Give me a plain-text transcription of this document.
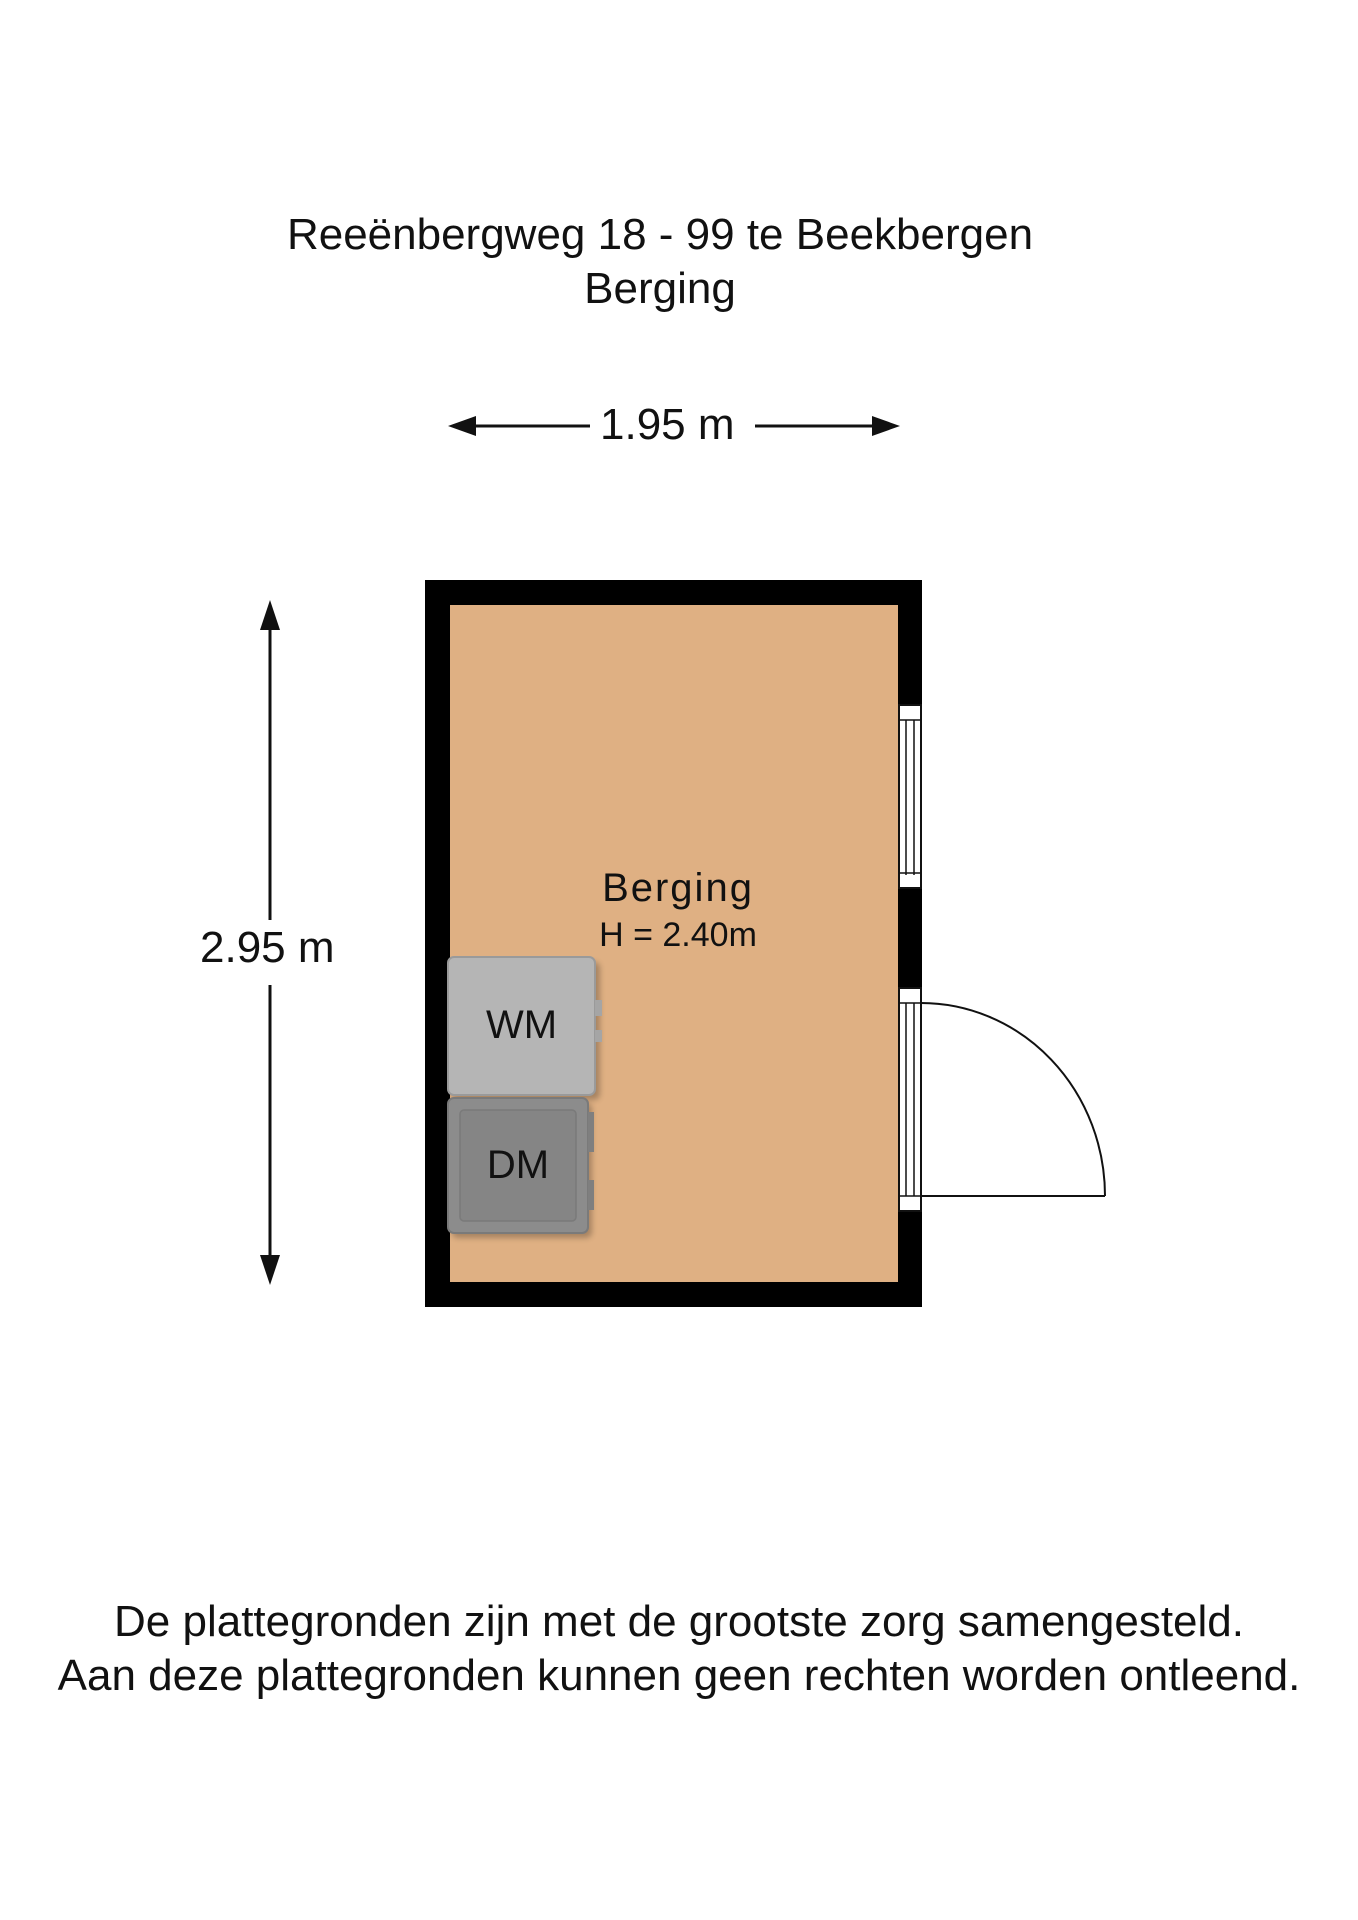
Reeënbergweg 18 - 99 te Beekbergen
Berging
1.95 m
2.95 m
Berging
H = 2.40m
WM
DM
De plattegronden zijn met de grootste zorg samengesteld.
Aan deze plattegronden kunnen geen rechten worden ontleend.
